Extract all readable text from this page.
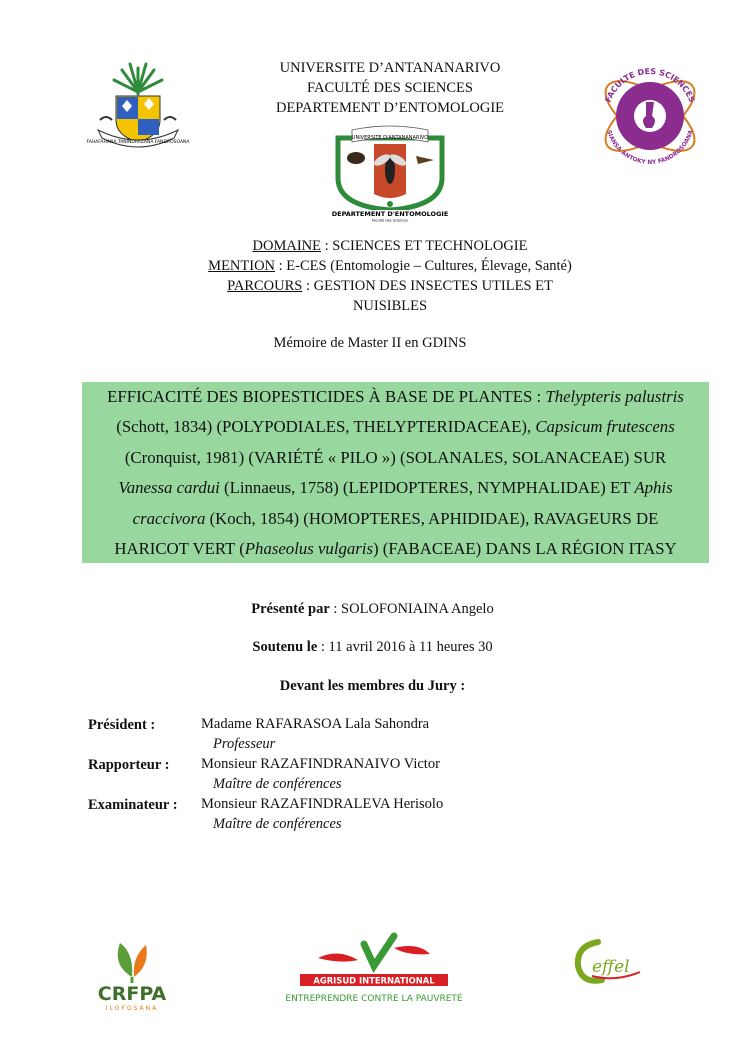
FAHAFAHANA TANINDRAZANA FANDROSOANA
FACULTE DES SCIENCES
SIANSA ANTOKY NY FANDROSOANA
UNIVERSITE D’ANTANANARIVO
FACULTÉ DES SCIENCES
DEPARTEMENT D’ENTOMOLOGIE
UNIVERSITE D'ANTANANARIVO
DEPARTEMENT D'ENTOMOLOGIE
Faculté des Sciences
DOMAINE : SCIENCES ET TECHNOLOGIE
MENTION : E-CES (Entomologie – Cultures, Élevage, Santé)
PARCOURS : GESTION DES INSECTES UTILES ET
NUISIBLES
Mémoire de Master II en GDINS
EFFICACITÉ DES BIOPESTICIDES À BASE DE PLANTES : Thelypteris palustris
(Schott, 1834) (POLYPODIALES, THELYPTERIDACEAE), Capsicum frutescens
(Cronquist, 1981) (VARIÉTÉ « PILO ») (SOLANALES, SOLANACEAE) SUR
Vanessa cardui (Linnaeus, 1758) (LEPIDOPTERES, NYMPHALIDAE) ET Aphis
craccivora (Koch, 1854) (HOMOPTERES, APHIDIDAE), RAVAGEURS DE
HARICOT VERT (Phaseolus vulgaris) (FABACEAE) DANS LA RÉGION ITASY
Présenté par : SOLOFONIAINA Angelo
Soutenu le : 11 avril 2016 à 11 heures 30
Devant les membres du Jury :
Président :	Madame RAFARASOA Lala Sahondra
Professeur
Rapporteur : Monsieur RAZAFINDRANAIVO Victor
Maître de conférences
Examinateur : Monsieur RAZAFINDRALEVA Herisolo
Maître de conférences
CRFPA
ILOFOSANA
AGRISUD INTERNATIONAL
ENTREPRENDRE CONTRE LA PAUVRETÉ
effel
